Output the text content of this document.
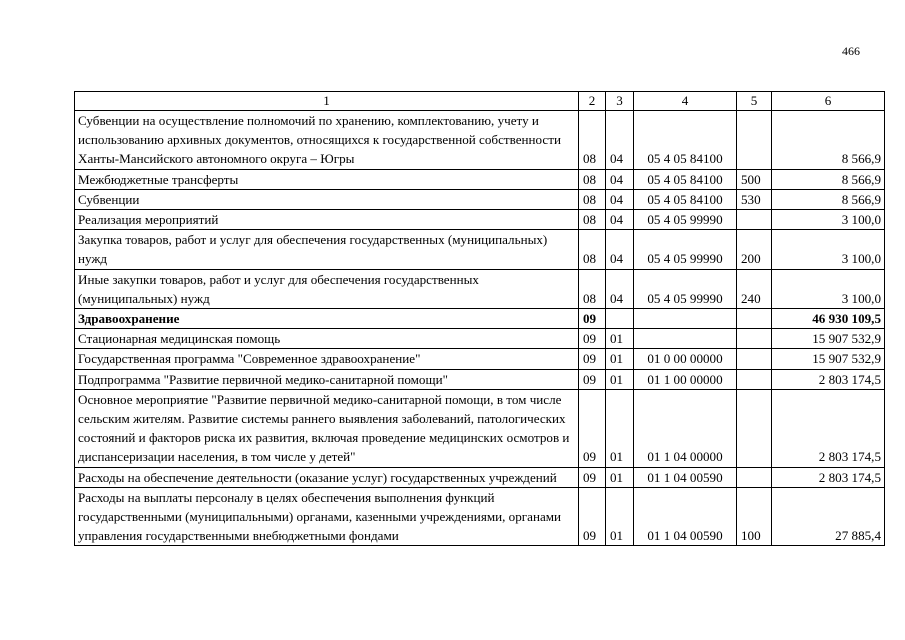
466
1	2	3	4	5	6
Субвенции на осуществление полномочий по хранению, комплектованию, учету и использованию архивных документов, относящихся к государственной собственности Ханты-Мансийского автономного округа – Югры	08	04	05 4 05 84100		8 566,9
Межбюджетные трансферты	08	04	05 4 05 84100	500	8 566,9
Субвенции	08	04	05 4 05 84100	530	8 566,9
Реализация мероприятий	08	04	05 4 05 99990		3 100,0
Закупка товаров, работ и услуг для обеспечения государственных (муниципальных) нужд	08	04	05 4 05 99990	200	3 100,0
Иные закупки товаров, работ и услуг для обеспечения государственных (муниципальных) нужд	08	04	05 4 05 99990	240	3 100,0
Здравоохранение	09				46 930 109,5
Стационарная медицинская помощь	09	01			15 907 532,9
Государственная программа "Современное здравоохранение"	09	01	01 0 00 00000		15 907 532,9
Подпрограмма "Развитие первичной медико-санитарной помощи"	09	01	01 1 00 00000		2 803 174,5
Основное мероприятие "Развитие первичной медико-санитарной помощи, в том числе сельским жителям. Развитие системы раннего выявления заболеваний, патологических состояний и факторов риска их развития, включая проведение медицинских осмотров и диспансеризации населения, в том числе у детей"	09	01	01 1 04 00000		2 803 174,5
Расходы на обеспечение деятельности (оказание услуг) государственных учреждений	09	01	01 1 04 00590		2 803 174,5
Расходы на выплаты персоналу в целях обеспечения выполнения функций государственными (муниципальными) органами, казенными учреждениями, органами управления государственными внебюджетными фондами	09	01	01 1 04 00590	100	27 885,4
